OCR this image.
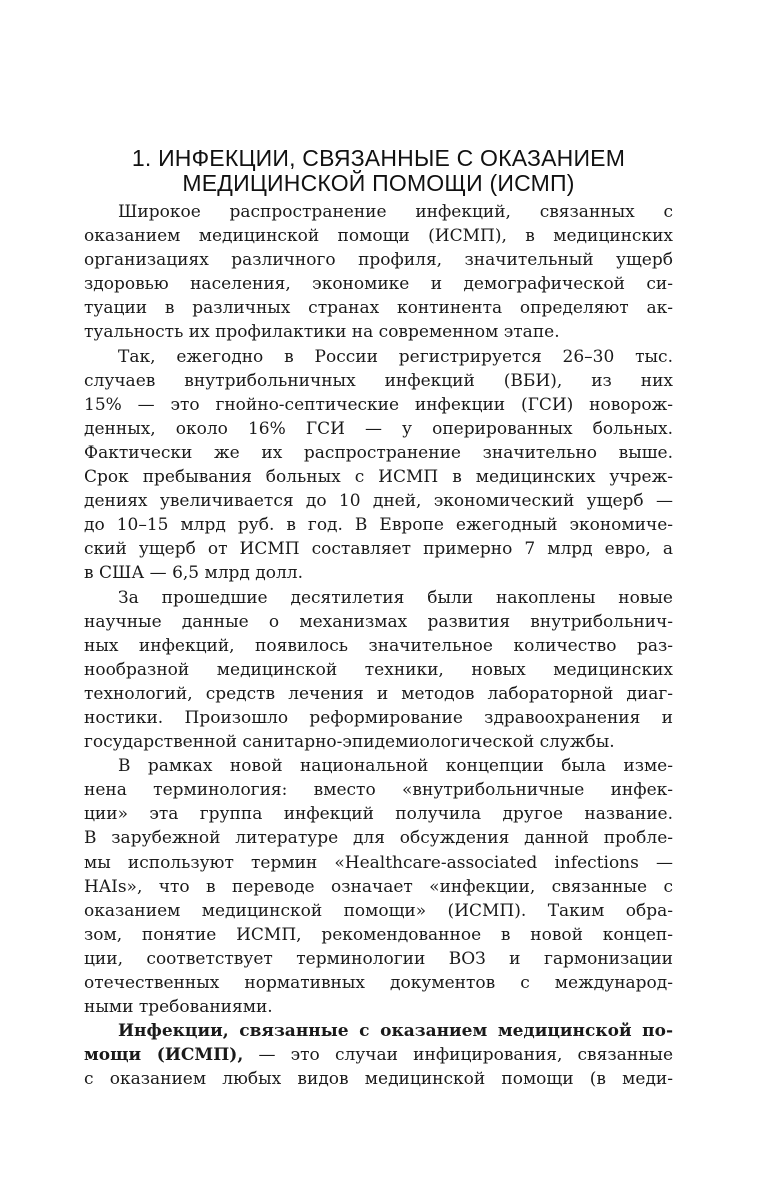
1. ИНФЕКЦИИ, СВЯЗАННЫЕ С ОКАЗАНИЕМ
МЕДИЦИНСКОЙ ПОМОЩИ (ИСМП)
Широкое распространение инфекций, связанных с
оказанием медицинской помощи (ИСМП), в медицинских
организациях различного профиля, значительный ущерб
здоровью населения, экономике и демографической си-
туации в различных странах континента определяют ак-
туальность их профилактики на современном этапе.
Так, ежегодно в России регистрируется 26–30 тыс.
случаев внутрибольничных инфекций (ВБИ), из них
15% — это гнойно-септические инфекции (ГСИ) новорож-
денных, около 16% ГСИ — у оперированных больных.
Фактически же их распространение значительно выше.
Срок пребывания больных с ИСМП в медицинских учреж-
дениях увеличивается до 10 дней, экономический ущерб —
до 10–15 млрд руб. в год. В Европе ежегодный экономиче-
ский ущерб от ИСМП составляет примерно 7 млрд евро, а
в США — 6,5 млрд долл.
За прошедшие десятилетия были накоплены новые
научные данные о механизмах развития внутрибольнич-
ных инфекций, появилось значительное количество раз-
нообразной медицинской техники, новых медицинских
технологий, средств лечения и методов лабораторной диаг-
ностики. Произошло реформирование здравоохранения и
государственной санитарно-эпидемиологической службы.
В рамках новой национальной концепции была изме-
нена терминология: вместо «внутрибольничные инфек-
ции» эта группа инфекций получила другое название.
В зарубежной литературе для обсуждения данной пробле-
мы используют термин «Healthcare-associated infections —
HAIs», что в переводе означает «инфекции, связанные с
оказанием медицинской помощи» (ИСМП). Таким обра-
зом, понятие ИСМП, рекомендованное в новой концеп-
ции, соответствует терминологии ВОЗ и гармонизации
отечественных нормативных документов с международ-
ными требованиями.
Инфекции, связанные с оказанием медицинской по-
мощи (ИСМП), — это случаи инфицирования, связанные
с оказанием любых видов медицинской помощи (в меди-
